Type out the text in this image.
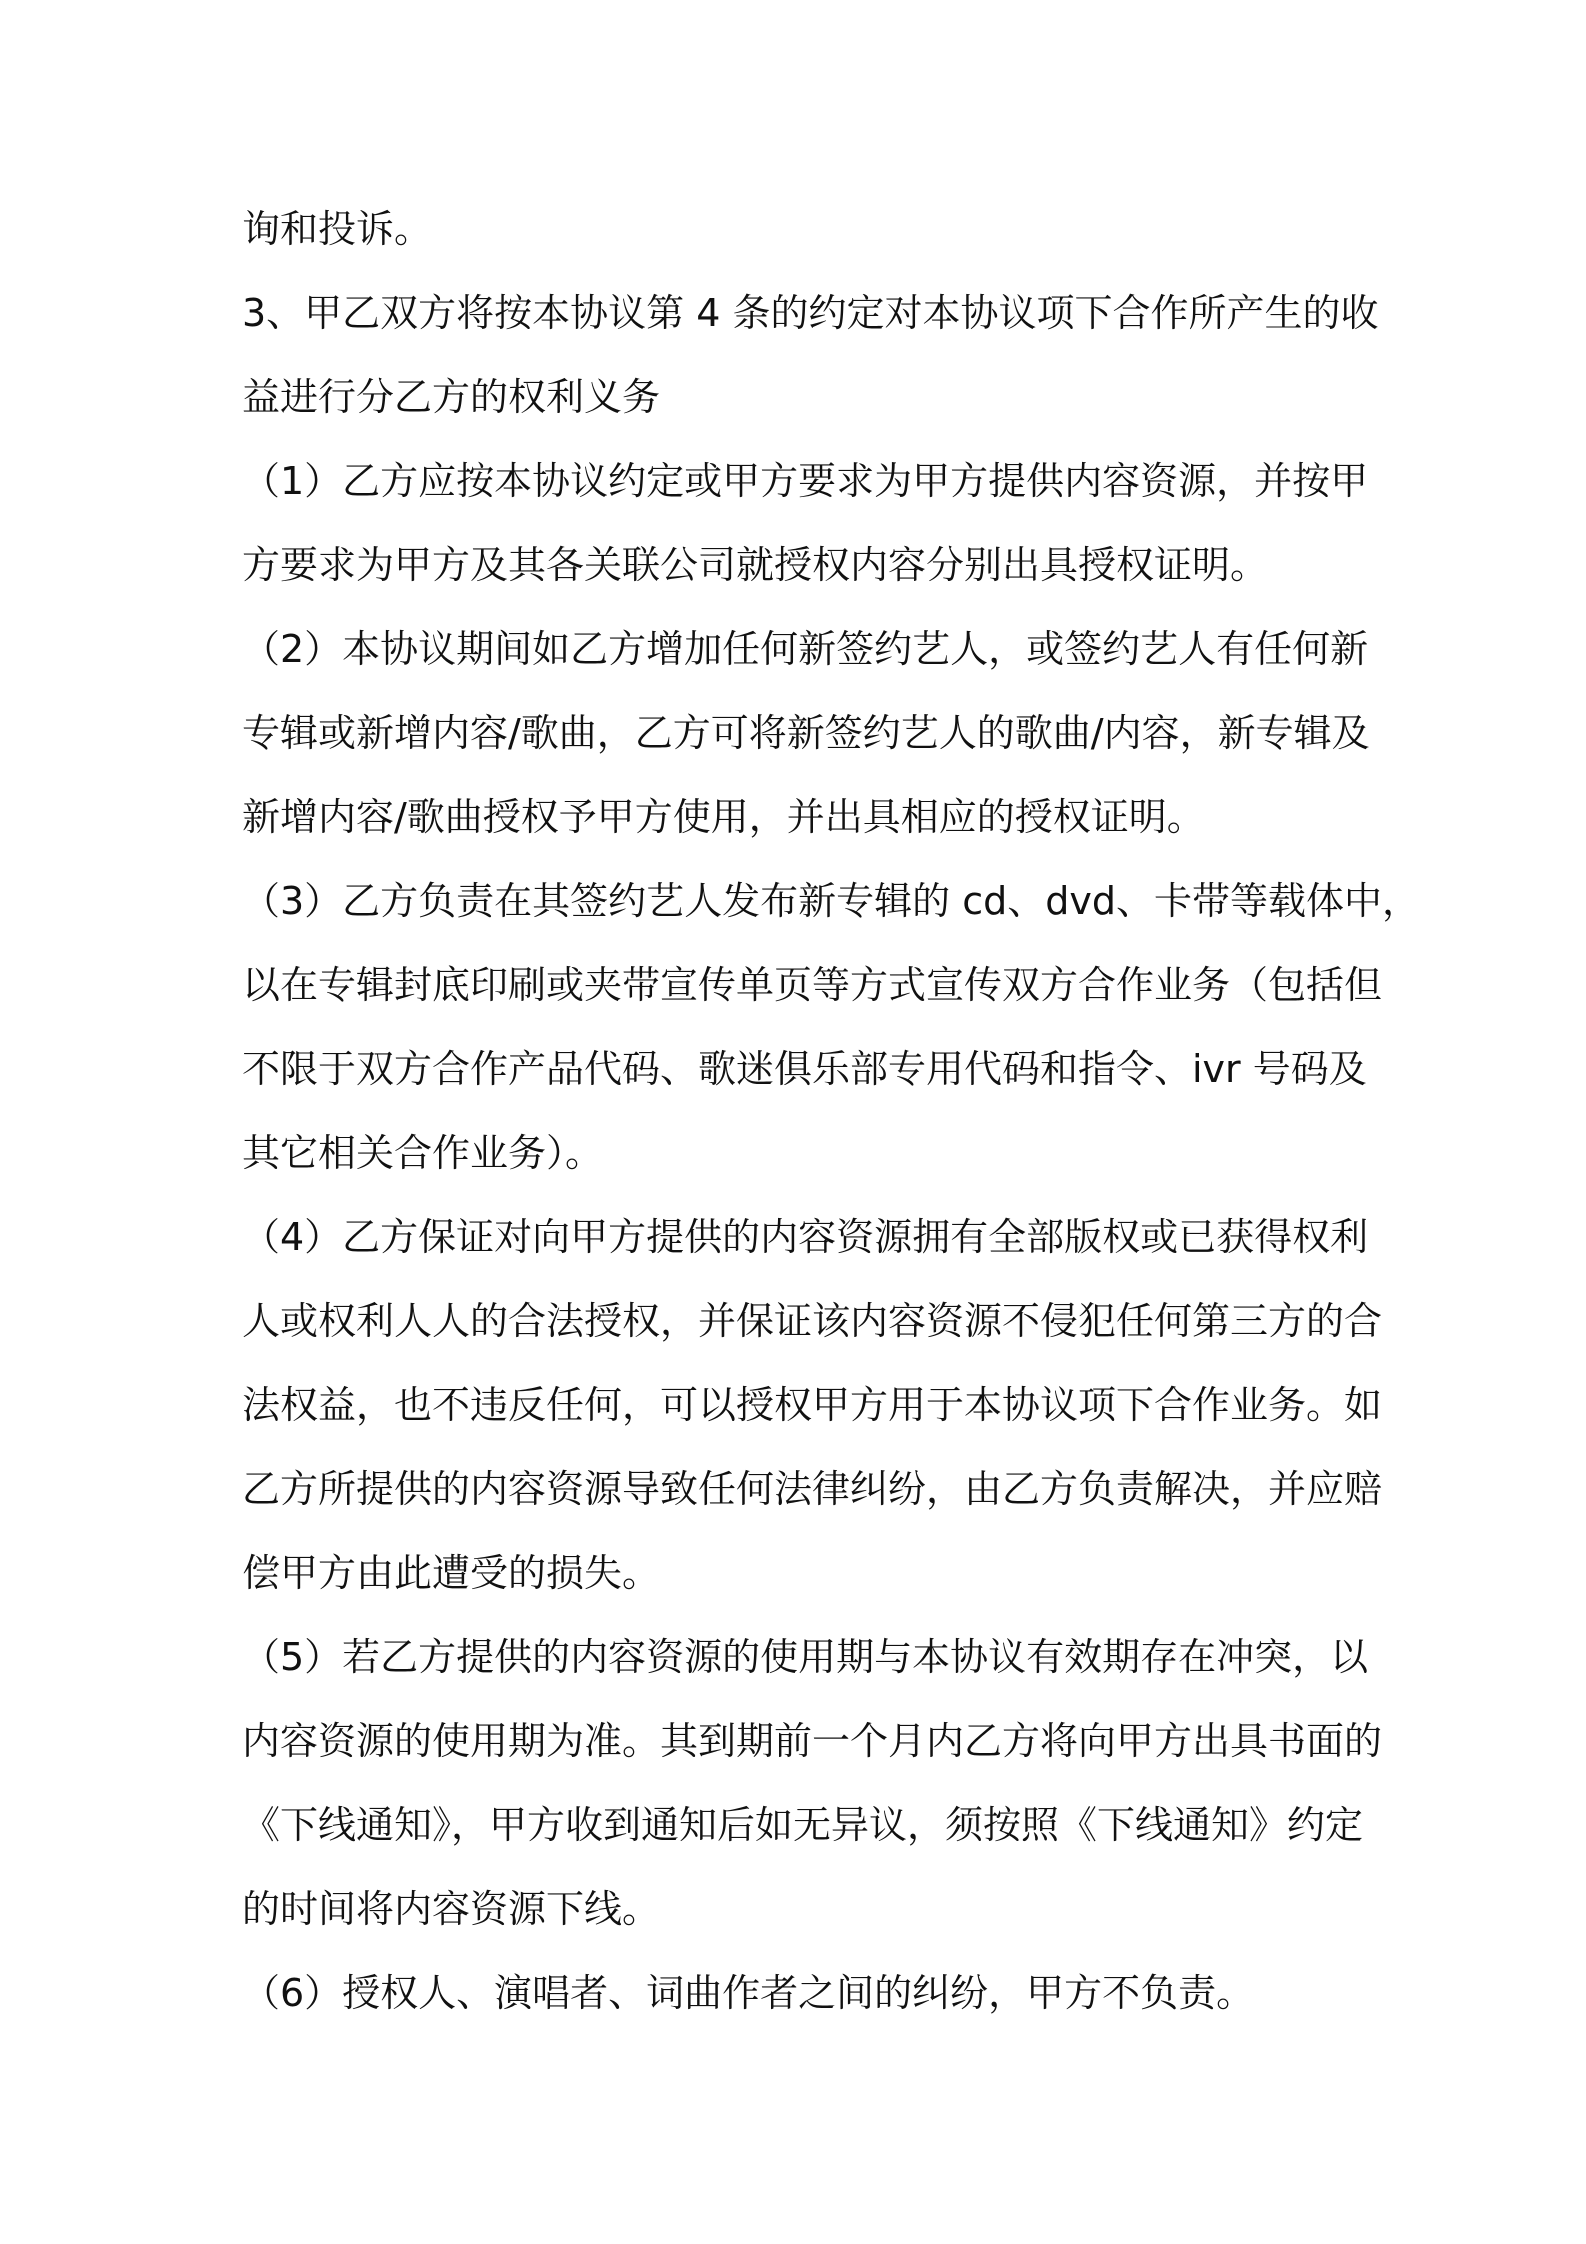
询和投诉。
3、甲乙双方将按本协议第 4 条的约定对本协议项下合作所产生的收
益进行分乙方的权利义务
（1）乙方应按本协议约定或甲方要求为甲方提供内容资源，并按甲
方要求为甲方及其各关联公司就授权内容分别出具授权证明。
（2）本协议期间如乙方增加任何新签约艺人，或签约艺人有任何新
专辑或新增内容/歌曲，乙方可将新签约艺人的歌曲/内容，新专辑及
新增内容/歌曲授权予甲方使用，并出具相应的授权证明。
（3）乙方负责在其签约艺人发布新专辑的 cd、dvd、卡带等载体中，
以在专辑封底印刷或夹带宣传单页等方式宣传双方合作业务（包括但
不限于双方合作产品代码、歌迷俱乐部专用代码和指令、ivr 号码及
其它相关合作业务）。
（4）乙方保证对向甲方提供的内容资源拥有全部版权或已获得权利
人或权利人人的合法授权，并保证该内容资源不侵犯任何第三方的合
法权益，也不违反任何，可以授权甲方用于本协议项下合作业务。如
乙方所提供的内容资源导致任何法律纠纷，由乙方负责解决，并应赔
偿甲方由此遭受的损失。
（5）若乙方提供的内容资源的使用期与本协议有效期存在冲突，以
内容资源的使用期为准。其到期前一个月内乙方将向甲方出具书面的
《下线通知》，甲方收到通知后如无异议，须按照《下线通知》约定
的时间将内容资源下线。
（6）授权人、演唱者、词曲作者之间的纠纷，甲方不负责。
